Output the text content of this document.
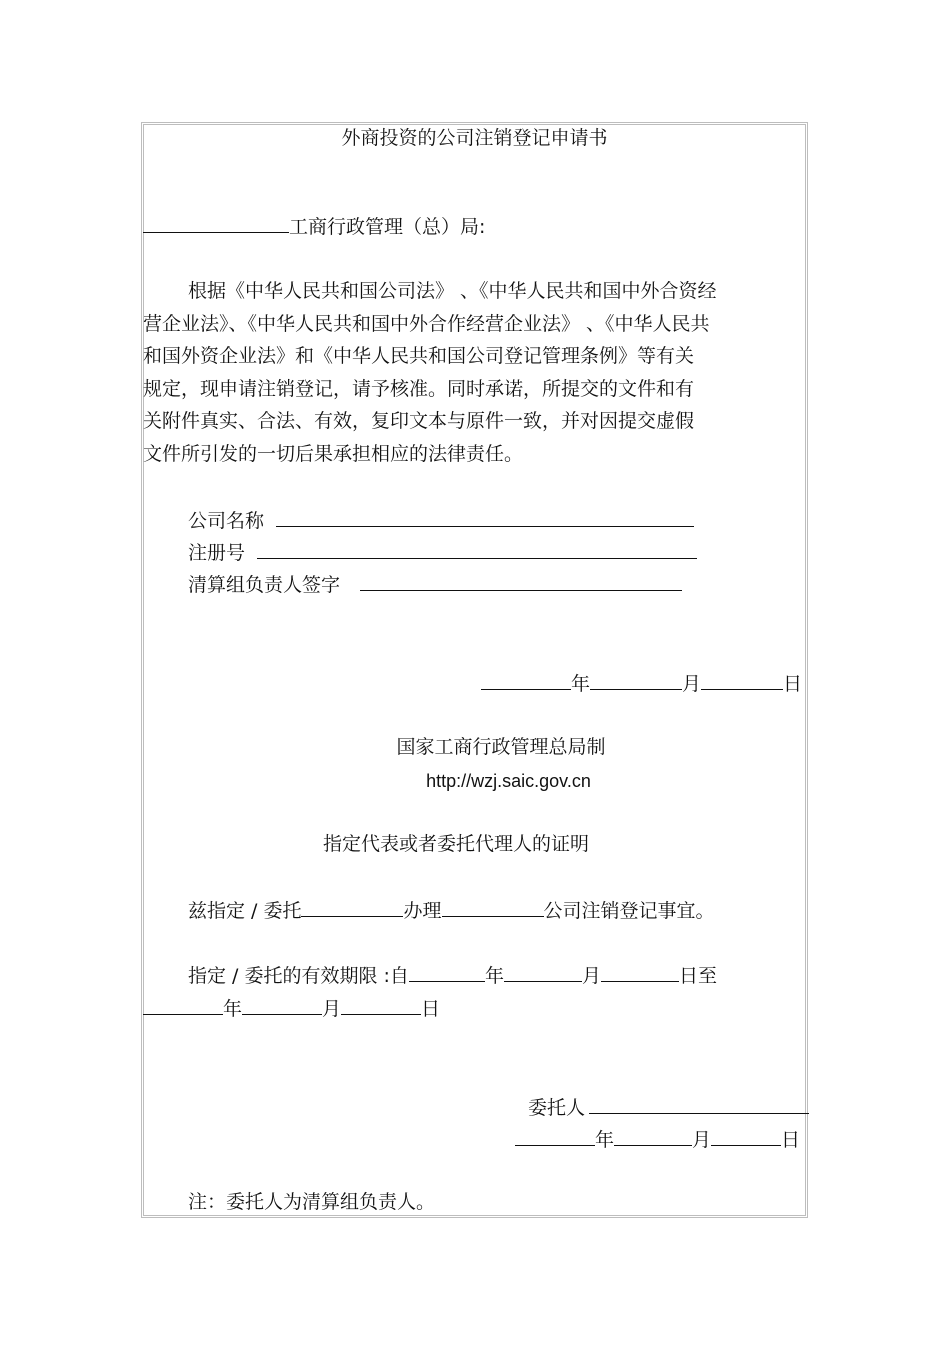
外商投资的公司注销登记申请书
工商行政管理（总）局:
根据《中华人民共和国公司法》 、《中华人民共和国中外合资经
营企业法》、《中华人民共和国中外合作经营企业法》 、《中华人民共
和国外资企业法》和《中华人民共和国公司登记管理条例》等有关
规定，现申请注销登记，请予核准。同时承诺，所提交的文件和有
关附件真实、合法、有效，复印文本与原件一致，并对因提交虚假
文件所引发的一切后果承担相应的法律责任。
公司名称
注册号
清算组负责人签字
年	月	日
国家工商行政管理总局制
http://wzj.saic.gov.cn
指定代表或者委托代理人的证明
兹指定 / 委托	办理	公司注销登记事宜。
指定 / 委托的有效期限 :自	年	月	日至
年	月	日
委托人
年	月	日
注：委托人为清算组负责人。
